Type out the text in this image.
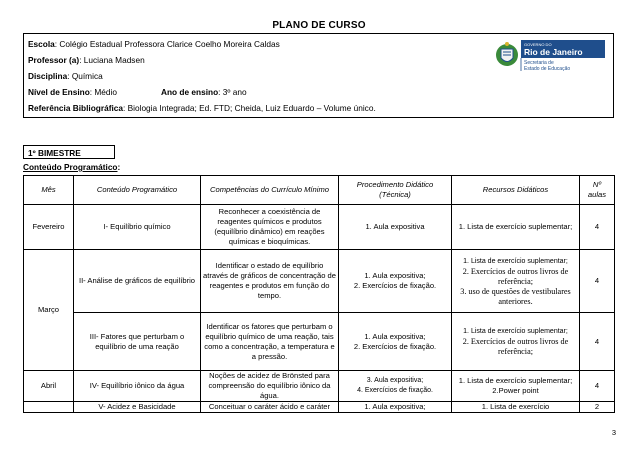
PLANO DE CURSO
Escola: Colégio Estadual Professora Clarice Coelho Moreira Caldas
Professor (a): Luciana Madsen
Disciplina: Química
Nível de Ensino: Médio	Ano de ensino: 3º ano
Referência Bibliográfica: Biologia Integrada; Ed. FTD; Cheida, Luiz Eduardo – Volume único.
GOVERNO DO
Rio de Janeiro
Secretaria de
Estado de Educação
1º BIMESTRE
Conteúdo Programático:
Mês	Conteúdo Programático	Competências do Currículo Mínimo	Procedimento Didático
(Técnica)	Recursos Didáticos	Nº
aulas
Fevereiro	I- Equilíbrio químico	Reconhecer a coexistência de reagentes químicos e produtos (equilíbrio dinâmico) em reações químicas e bioquímicas.	1. Aula expositiva	1. Lista de exercício suplementar;	4
Março	II- Análise de gráficos de equilíbrio	Identificar o estado de equilíbrio através de gráficos de concentração de reagentes e produtos em função do tempo.	1. Aula expositiva;
2. Exercícios de fixação.	1. Lista de exercício suplementar;
2. Exercícios de outros livros de referência;
3. uso de questões de vestibulares anteriores.	4
	III- Fatores que perturbam o equilíbrio de uma reação	Identificar os fatores que perturbam o equilíbrio químico de uma reação, tais como a concentração, a temperatura e a pressão.	1. Aula expositiva;
2. Exercícios de fixação.	1. Lista de exercício suplementar;
2. Exercícios de outros livros de referência;	4
Abril	IV- Equilíbrio iônico da água	Noções de acidez de Brönsted para compreensão do equilíbrio iônico da água.	3. Aula expositiva;
4. Exercícios de fixação.	1. Lista de exercício suplementar;
2.Power point	4
	V- Acidez e Basicidade	Conceituar o caráter ácido e caráter	1. Aula expositiva;	1. Lista de exercício	2
3
